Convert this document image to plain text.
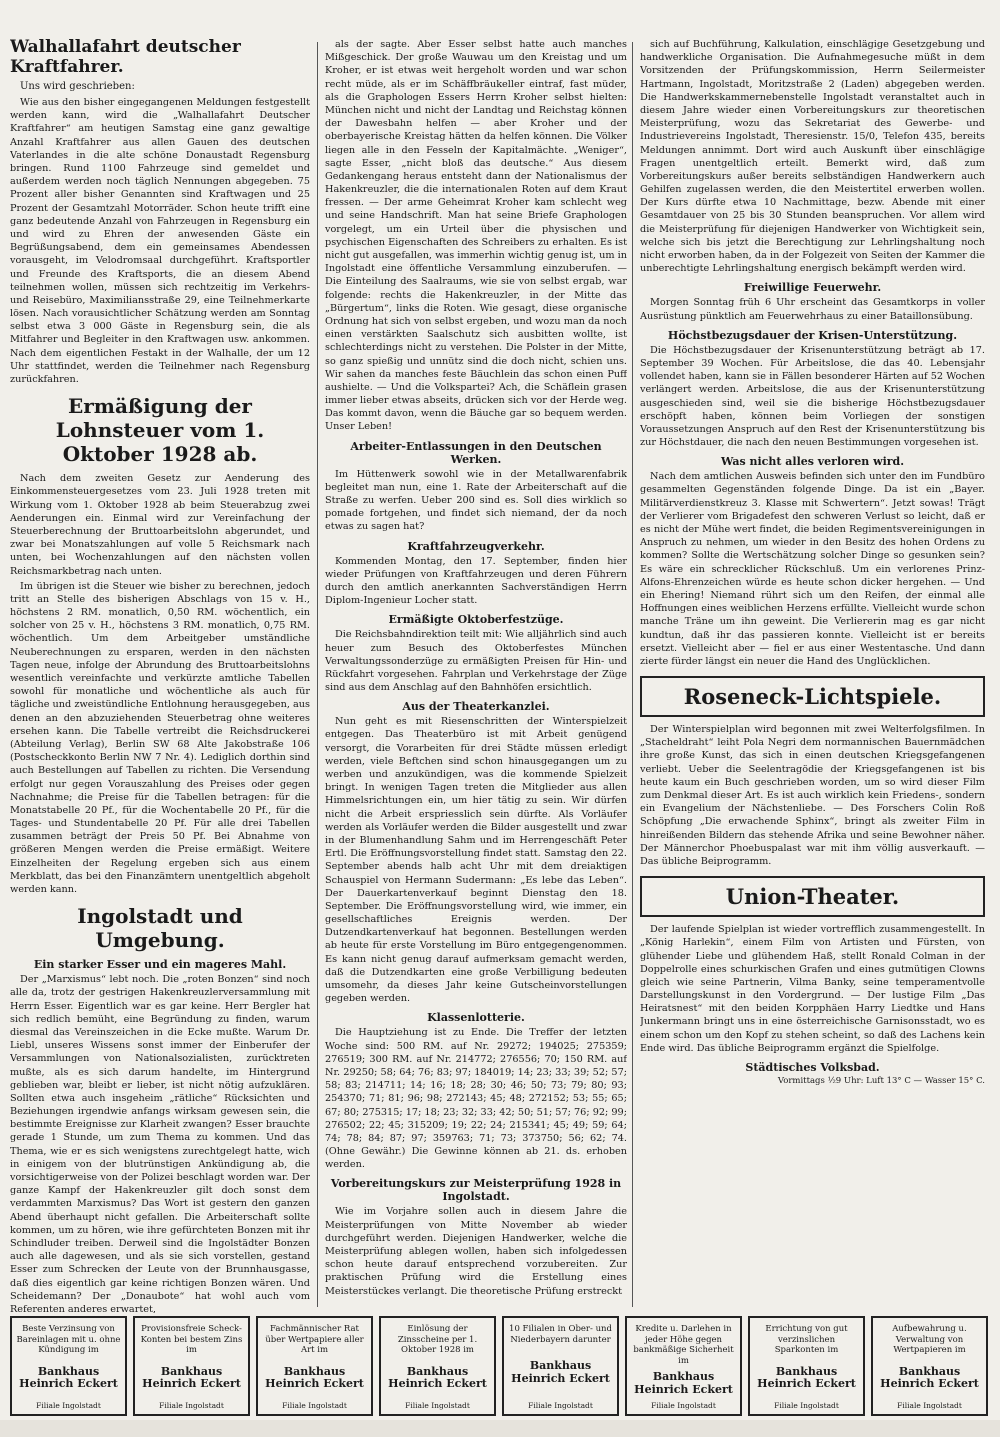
Walhallafahrt deutscher Kraftfahrer.
Uns wird geschrieben:

Wie aus den bisher eingegangenen Meldungen festgestellt werden kann, wird die „Walhallafahrt Deutscher Kraftfahrer“ am heutigen Samstag eine ganz gewaltige Anzahl Kraftfahrer aus allen Gauen des deutschen Vaterlandes in die alte schöne Donaustadt Regensburg bringen. Rund 1100 Fahrzeuge sind gemeldet und außerdem werden noch täglich Nennungen abgegeben. 75 Prozent aller bisher Genannten sind Kraftwagen und 25 Prozent der Gesamtzahl Motorräder. Schon heute trifft eine ganz bedeutende Anzahl von Fahrzeugen in Regensburg ein und wird zu Ehren der anwesenden Gäste ein Begrüßungsabend, dem ein gemeinsames Abendessen vorausgeht, im Velodromsaal durchgeführt. Kraftsportler und Freunde des Kraftsports, die an diesem Abend teilnehmen wollen, müssen sich rechtzeitig im Verkehrs- und Reisebüro, Maximiliansstraße 29, eine Teilnehmerkarte lösen. Nach vorausichtlicher Schätzung werden am Sonntag selbst etwa 3 000 Gäste in Regensburg sein, die als Mitfahrer und Begleiter in den Kraftwagen usw. ankommen. Nach dem eigentlichen Festakt in der Walhalle, der um 12 Uhr stattfindet, werden die Teilnehmer nach Regensburg zurückfahren.

Ermäßigung der Lohnsteuer vom 1. Oktober 1928 ab.

Nach dem zweiten Gesetz zur Aenderung des Einkommensteuergesetzes vom 23. Juli 1928 treten mit Wirkung vom 1. Oktober 1928 ab beim Steuerabzug zwei Aenderungen ein. Einmal wird zur Vereinfachung der Steuerberechnung der Bruttoarbeitslohn abgerundet, und zwar bei Monatszahlungen auf volle 5 Reichsmark nach unten, bei Wochenzahlungen auf den nächsten vollen Reichsmarkbetrag nach unten.

Im übrigen ist die Steuer wie bisher zu berechnen, jedoch tritt an Stelle des bisherigen Abschlags von 15 v. H., höchstens 2 RM. monatlich, 0,50 RM. wöchentlich, ein solcher von 25 v. H., höchstens 3 RM. monatlich, 0,75 RM. wöchentlich. Um dem Arbeitgeber umständliche Neuberechnungen zu ersparen, werden in den nächsten Tagen neue, infolge der Abrundung des Bruttoarbeitslohns wesentlich vereinfachte und verkürzte amtliche Tabellen sowohl für monatliche und wöchentliche als auch für tägliche und zweistündliche Entlohnung herausgegeben, aus denen an den abzuziehenden Steuerbetrag ohne weiteres ersehen kann. Die Tabelle vertreibt die Reichsdruckerei (Abteilung Verlag), Berlin SW 68 Alte Jakobstraße 106 (Postscheckkonto Berlin NW 7 Nr. 4). Lediglich dorthin sind auch Bestellungen auf Tabellen zu richten. Die Versendung erfolgt nur gegen Vorauszahlung des Preises oder gegen Nachnahme; die Preise für die Tabellen betragen: für die Monatstabelle 20 Pf., für die Wochentabelle 20 Pf., für die Tages- und Stundentabelle 20 Pf. Für alle drei Tabellen zusammen beträgt der Preis 50 Pf. Bei Abnahme von größeren Mengen werden die Preise ermäßigt. Weitere Einzelheiten der Regelung ergeben sich aus einem Merkblatt, das bei den Finanzämtern unentgeltlich abgeholt werden kann.

Ingolstadt und Umgebung.
Ein starker Esser und ein mageres Mahl.

Der „Marxismus“ lebt noch. Die „roten Bonzen“ sind noch alle da, trotz der gestrigen Hakenkreuzlerversammlung mit Herrn Esser. Eigentlich war es gar keine. Herr Bergler hat sich redlich bemüht, eine Begründung zu finden, warum diesmal das Vereinszeichen in die Ecke mußte. Warum Dr. Liebl, unseres Wissens sonst immer der Einberufer der Versammlungen von Nationalsozialisten, zurücktreten mußte, als es sich darum handelte, im Hintergrund geblieben war, bleibt er lieber, ist nicht nötig aufzuklären. Sollten etwa auch insgeheim „rätliche“ Rücksichten und Beziehungen irgendwie anfangs wirksam gewesen sein, die bestimmte Ereignisse zur Klarheit zwangen? Esser brauchte gerade 1 Stunde, um zum Thema zu kommen. Und das Thema, wie er es sich wenigstens zurechtgelegt hatte, wich in einigem von der blutrünstigen Ankündigung ab, die vorsichtigerweise von der Polizei beschlagt worden war. Der ganze Kampf der Hakenkreuzler gilt doch sonst dem verdammten Marxismus? Das Wort ist gestern den ganzen Abend überhaupt nicht gefallen. Die Arbeiterschaft sollte kommen, um zu hören, wie ihre gefürchteten Bonzen mit ihr Schindluder treiben. Derweil sind die Ingolstädter Bonzen auch alle dagewesen, und als sie sich vorstellen, gestand Esser zum Schrecken der Leute von der Brunnhausgasse, daß dies eigentlich gar keine richtigen Bonzen wären. Und Scheidemann? Der „Donaubote“ hat wohl auch vom Referenten anderes erwartet,

als der sagte. Aber Esser selbst hatte auch manches Mißgeschick. Der große Wauwau um den Kreistag und um Kroher, er ist etwas weit hergeholt worden und war schon recht müde, als er im Schäffbräukeller eintraf, fast müder, als die Graphologen Essers Herrn Kroher selbst hielten: München nicht und nicht der Landtag und Reichstag können der Dawesbahn helfen — aber Kroher und der oberbayerische Kreistag hätten da helfen können. Die Völker liegen alle in den Fesseln der Kapitalmächte. „Weniger“, sagte Esser, „nicht bloß das deutsche.“ Aus diesem Gedankengang heraus entsteht dann der Nationalismus der Hakenkreuzler, die die internationalen Roten auf dem Kraut fressen. — Der arme Geheimrat Kroher kam schlecht weg und seine Handschrift. Man hat seine Briefe Graphologen vorgelegt, um ein Urteil über die physischen und psychischen Eigenschaften des Schreibers zu erhalten. Es ist nicht gut ausgefallen, was immerhin wichtig genug ist, um in Ingolstadt eine öffentliche Versammlung einzuberufen. — Die Einteilung des Saalraums, wie sie von selbst ergab, war folgende: rechts die Hakenkreuzler, in der Mitte das „Bürgertum“, links die Roten. Wie gesagt, diese organische Ordnung hat sich von selbst ergeben, und wozu man da noch einen verstärkten Saalschutz sich ausbitten wollte, ist schlechterdings nicht zu verstehen. Die Polster in der Mitte, so ganz spießig und unnütz sind die doch nicht, schien uns. Wir sahen da manches feste Bäuchlein das schon einen Puff aushielte. — Und die Volkspartei? Ach, die Schäflein grasen immer lieber etwas abseits, drücken sich vor der Herde weg. Das kommt davon, wenn die Bäuche gar so bequem werden. Unser Leben!

Arbeiter-Entlassungen in den Deutschen Werken.

Im Hüttenwerk sowohl wie in der Metallwarenfabrik begleitet man nun, eine 1. Rate der Arbeiterschaft auf die Straße zu werfen. Ueber 200 sind es. Soll dies wirklich so pomade fortgehen, und findet sich niemand, der da noch etwas zu sagen hat?

Kraftfahrzeugverkehr.

Kommenden Montag, den 17. September, finden hier wieder Prüfungen von Kraftfahrzeugen und deren Führern durch den amtlich anerkannten Sachverständigen Herrn Diplom-Ingenieur Locher statt.

Ermäßigte Oktoberfestzüge.

Die Reichsbahndirektion teilt mit: Wie alljährlich sind auch heuer zum Besuch des Oktoberfestes München Verwaltungssonderzüge zu ermäßigten Preisen für Hin- und Rückfahrt vorgesehen. Fahrplan und Verkehrstage der Züge sind aus dem Anschlag auf den Bahnhöfen ersichtlich.

Aus der Theaterkanzlei.

Nun geht es mit Riesenschritten der Winterspielzeit entgegen. Das Theaterbüro ist mit Arbeit genügend versorgt, die Vorarbeiten für drei Städte müssen erledigt werden, viele Beftchen sind schon hinausgegangen um zu werben und anzukündigen, was die kommende Spielzeit bringt. In wenigen Tagen treten die Mitglieder aus allen Himmelsrichtungen ein, um hier tätig zu sein. Wir dürfen nicht die Arbeit erspriesslich sein dürfte. Als Vorläufer werden als Vorläufer werden die Bilder ausgestellt und zwar in der Blumenhandlung Sahm und im Herrengeschäft Peter Ertl. Die Eröffnungsvorstellung findet statt. Samstag den 22. September abends halb acht Uhr mit dem dreiaktigen Schauspiel von Hermann Sudermann: „Es lebe das Leben“. Der Dauerkartenverkauf beginnt Dienstag den 18. September. Die Eröffnungsvorstellung wird, wie immer, ein gesellschaftliches Ereignis werden. Der Dutzendkartenverkauf hat begonnen. Bestellungen werden ab heute für erste Vorstellung im Büro entgegengenommen. Es kann nicht genug darauf aufmerksam gemacht werden, daß die Dutzendkarten eine große Verbilligung bedeuten umsomehr, da dieses Jahr keine Gutscheinvorstellungen gegeben werden.

Klassenlotterie.

Die Hauptziehung ist zu Ende. Die Treffer der letzten Woche sind: 500 RM. auf Nr. 29272; 194025; 275359; 276519; 300 RM. auf Nr. 214772; 276556; 70; 150 RM. auf Nr. 29250; 58; 64; 76; 83; 97; 184019; 14; 23; 33; 39; 52; 57; 58; 83; 214711; 14; 16; 18; 28; 30; 46; 50; 73; 79; 80; 93; 254370; 71; 81; 96; 98; 272143; 45; 48; 272152; 53; 55; 65; 67; 80; 275315; 17; 18; 23; 32; 33; 42; 50; 51; 57; 76; 92; 99; 276502; 22; 45; 315209; 19; 22; 24; 215341; 45; 49; 59; 64; 74; 78; 84; 87; 97; 359763; 71; 73; 373750; 56; 62; 74. (Ohne Gewähr.) Die Gewinne können ab 21. ds. erhoben werden.

Vorbereitungskurs zur Meisterprüfung 1928 in Ingolstadt.

Wie im Vorjahre sollen auch in diesem Jahre die Meisterprüfungen von Mitte November ab wieder durchgeführt werden. Diejenigen Handwerker, welche die Meisterprüfung ablegen wollen, haben sich infolgedessen schon heute darauf entsprechend vorzubereiten. Zur praktischen Prüfung wird die Erstellung eines Meisterstückes verlangt. Die theoretische Prüfung erstreckt

sich auf Buchführung, Kalkulation, einschlägige Gesetzgebung und handwerkliche Organisation. Die Aufnahmegesuche müßt in dem Vorsitzenden der Prüfungskommission, Herrn Seilermeister Hartmann, Ingolstadt, Moritzstraße 2 (Laden) abgegeben werden. Die Handwerkskammernebenstelle Ingolstadt veranstaltet auch in diesem Jahre wieder einen Vorbereitungskurs zur theoretischen Meisterprüfung, wozu das Sekretariat des Gewerbe- und Industrievereins Ingolstadt, Theresienstr. 15/0, Telefon 435, bereits Meldungen annimmt. Dort wird auch Auskunft über einschlägige Fragen unentgeltlich erteilt. Bemerkt wird, daß zum Vorbereitungskurs außer bereits selbständigen Handwerkern auch Gehilfen zugelassen werden, die den Meistertitel erwerben wollen. Der Kurs dürfte etwa 10 Nachmittage, bezw. Abende mit einer Gesamtdauer von 25 bis 30 Stunden beanspruchen. Vor allem wird die Meisterprüfung für diejenigen Handwerker von Wichtigkeit sein, welche sich bis jetzt die Berechtigung zur Lehrlingshaltung noch nicht erworben haben, da in der Folgezeit von Seiten der Kammer die unberechtigte Lehrlingshaltung energisch bekämpft werden wird.

Freiwillige Feuerwehr.

Morgen Sonntag früh 6 Uhr erscheint das Gesamtkorps in voller Ausrüstung pünktlich am Feuerwehrhaus zu einer Bataillonsübung.

Höchstbezugsdauer der Krisen-Unterstützung.

Die Höchstbezugsdauer der Krisenunterstützung beträgt ab 17. September 39 Wochen. Für Arbeitslose, die das 40. Lebensjahr vollendet haben, kann sie in Fällen besonderer Härten auf 52 Wochen verlängert werden. Arbeitslose, die aus der Krisenunterstützung ausgeschieden sind, weil sie die bisherige Höchstbezugsdauer erschöpft haben, können beim Vorliegen der sonstigen Voraussetzungen Anspruch auf den Rest der Krisenunterstützung bis zur Höchstdauer, die nach den neuen Bestimmungen vorgesehen ist.

Was nicht alles verloren wird.

Nach dem amtlichen Ausweis befinden sich unter den im Fundbüro gesammelten Gegenständen folgende Dinge. Da ist ein „Bayer. Militärverdienstkreuz 3. Klasse mit Schwertern“. Jetzt sowas! Trägt der Verlierer vom Brigadefest den schweren Verlust so leicht, daß er es nicht der Mühe wert findet, die beiden Regimentsvereinigungen in Anspruch zu nehmen, um wieder in den Besitz des hohen Ordens zu kommen? Sollte die Wertschätzung solcher Dinge so gesunken sein? Es wäre ein schrecklicher Rückschluß. Um ein verlorenes Prinz-Alfons-Ehrenzeichen würde es heute schon dicker hergehen. — Und ein Ehering! Niemand rührt sich um den Reifen, der einmal alle Hoffnungen eines weiblichen Herzens erfüllte. Vielleicht wurde schon manche Träne um ihn geweint. Die Verliererin mag es gar nicht kundtun, daß ihr das passieren konnte. Vielleicht ist er bereits ersetzt. Vielleicht aber — fiel er aus einer Westentasche. Und dann zierte fürder längst ein neuer die Hand des Unglücklichen.

Roseneck-Lichtspiele.

Der Winterspielplan wird begonnen mit zwei Welterfolgsfilmen. In „Stacheldraht“ leiht Pola Negri dem normannischen Bauernmädchen ihre große Kunst, das sich in einen deutschen Kriegsgefangenen verliebt. Ueber die Seelentragödie der Kriegsgefangenen ist bis heute kaum ein Buch geschrieben worden, um so wird dieser Film zum Denkmal dieser Art. Es ist auch wirklich kein Friedens-, sondern ein Evangelium der Nächstenliebe. — Des Forschers Colin Roß Schöpfung „Die erwachende Sphinx“, bringt als zweiter Film in hinreißenden Bildern das stehende Afrika und seine Bewohner näher. Der Männerchor Phoebuspalast war mit ihm völlig ausverkauft. — Das übliche Beiprogramm.

Union-Theater.

Der laufende Spielplan ist wieder vortrefflich zusammengestellt. In „König Harlekin“, einem Film von Artisten und Fürsten, von glühender Liebe und glühendem Haß, stellt Ronald Colman in der Doppelrolle eines schurkischen Grafen und eines gutmütigen Clowns gleich wie seine Partnerin, Vilma Banky, seine temperamentvolle Darstellungskunst in den Vordergrund. — Der lustige Film „Das Heiratsnest“ mit den beiden Korpphäen Harry Liedtke und Hans Junkermann bringt uns in eine österreichische Garnisonsstadt, wo es einem schon um den Kopf zu stehen scheint, so daß des Lachens kein Ende wird. Das übliche Beiprogramm ergänzt die Spielfolge.

Städtisches Volksbad.
Vormittags ½9 Uhr: Luft 13° C — Wasser 15° C.
Beste Verzinsung von Bareinlagen mit u. ohne Kündigung im
Bankhaus Heinrich Eckert
Filiale Ingolstadt
Provisionsfreie Scheck-Konten bei bestem Zins im
Bankhaus Heinrich Eckert
Filiale Ingolstadt
Fachmännischer Rat über Wertpapiere aller Art im
Bankhaus Heinrich Eckert
Filiale Ingolstadt
Einlösung der Zinsscheine per 1. Oktober 1928 im
Bankhaus Heinrich Eckert
Filiale Ingolstadt
10 Filialen in Ober- und Niederbayern darunter
Bankhaus Heinrich Eckert
Filiale Ingolstadt
Kredite u. Darlehen in jeder Höhe gegen bankmäßige Sicherheit im
Bankhaus Heinrich Eckert
Filiale Ingolstadt
Errichtung von gut verzinslichen Sparkonten im
Bankhaus Heinrich Eckert
Filiale Ingolstadt
Aufbewahrung u. Verwaltung von Wertpapieren im
Bankhaus Heinrich Eckert
Filiale Ingolstadt
